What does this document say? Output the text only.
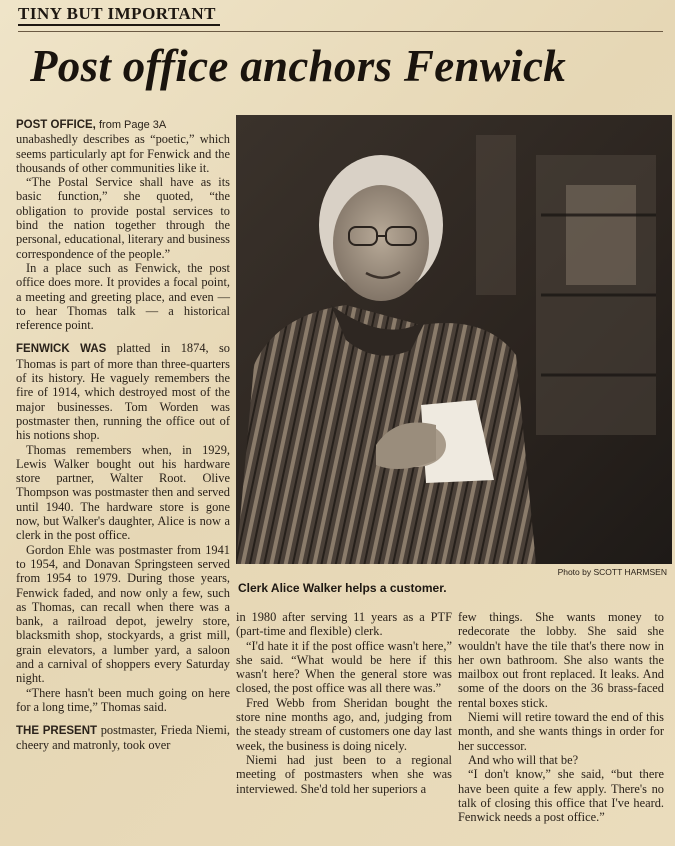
TINY BUT IMPORTANT
Post office anchors Fenwick

POST OFFICE, from Page 3A

unabashedly describes as “poetic,” which seems particularly apt for Fenwick and the thousands of other communities like it.

“The Postal Service shall have as its basic function,” she quoted, “the obligation to provide postal services to bind the nation together through the personal, educational, literary and business correspondence of the people.”

In a place such as Fenwick, the post office does more. It provides a focal point, a meeting and greeting place, and even — to hear Thomas talk — a historical reference point.

FENWICK WAS platted in 1874, so Thomas is part of more than three-quarters of its history. He vaguely remembers the fire of 1914, which destroyed most of the major businesses. Tom Worden was postmaster then, running the office out of his notions shop.

Thomas remembers when, in 1929, Lewis Walker bought out his hardware store partner, Walter Root. Olive Thompson was postmaster then and served until 1940. The hardware store is gone now, but Walker's daughter, Alice is now a clerk in the post office.

Gordon Ehle was postmaster from 1941 to 1954, and Donavan Springsteen served from 1954 to 1979. During those years, Fenwick faded, and now only a few, such as Thomas, can recall when there was a bank, a railroad depot, jewelry store, blacksmith shop, stockyards, a grist mill, grain elevators, a lumber yard, a saloon and a carnival of shoppers every Saturday night.

“There hasn't been much going on here for a long time,” Thomas said.

THE PRESENT postmaster, Frieda Niemi, cheery and matronly, took over

Photo by SCOTT HARMSEN
Clerk Alice Walker helps a customer.

in 1980 after serving 11 years as a PTF (part-time and flexible) clerk.

“I'd hate it if the post office wasn't here,” she said. “What would be here if this wasn't here? When the general store was closed, the post office was all there was.”

Fred Webb from Sheridan bought the store nine months ago, and, judging from the steady stream of customers one day last week, the business is doing nicely.

Niemi had just been to a regional meeting of postmasters when she was interviewed. She'd told her superiors a

few things. She wants money to redecorate the lobby. She said she wouldn't have the tile that's there now in her own bathroom. She also wants the mailbox out front replaced. It leaks. And some of the doors on the 36 brass-faced rental boxes stick.

Niemi will retire toward the end of this month, and she wants things in order for her successor.

And who will that be?

“I don't know,” she said, “but there have been quite a few apply. There's no talk of closing this office that I've heard. Fenwick needs a post office.”
